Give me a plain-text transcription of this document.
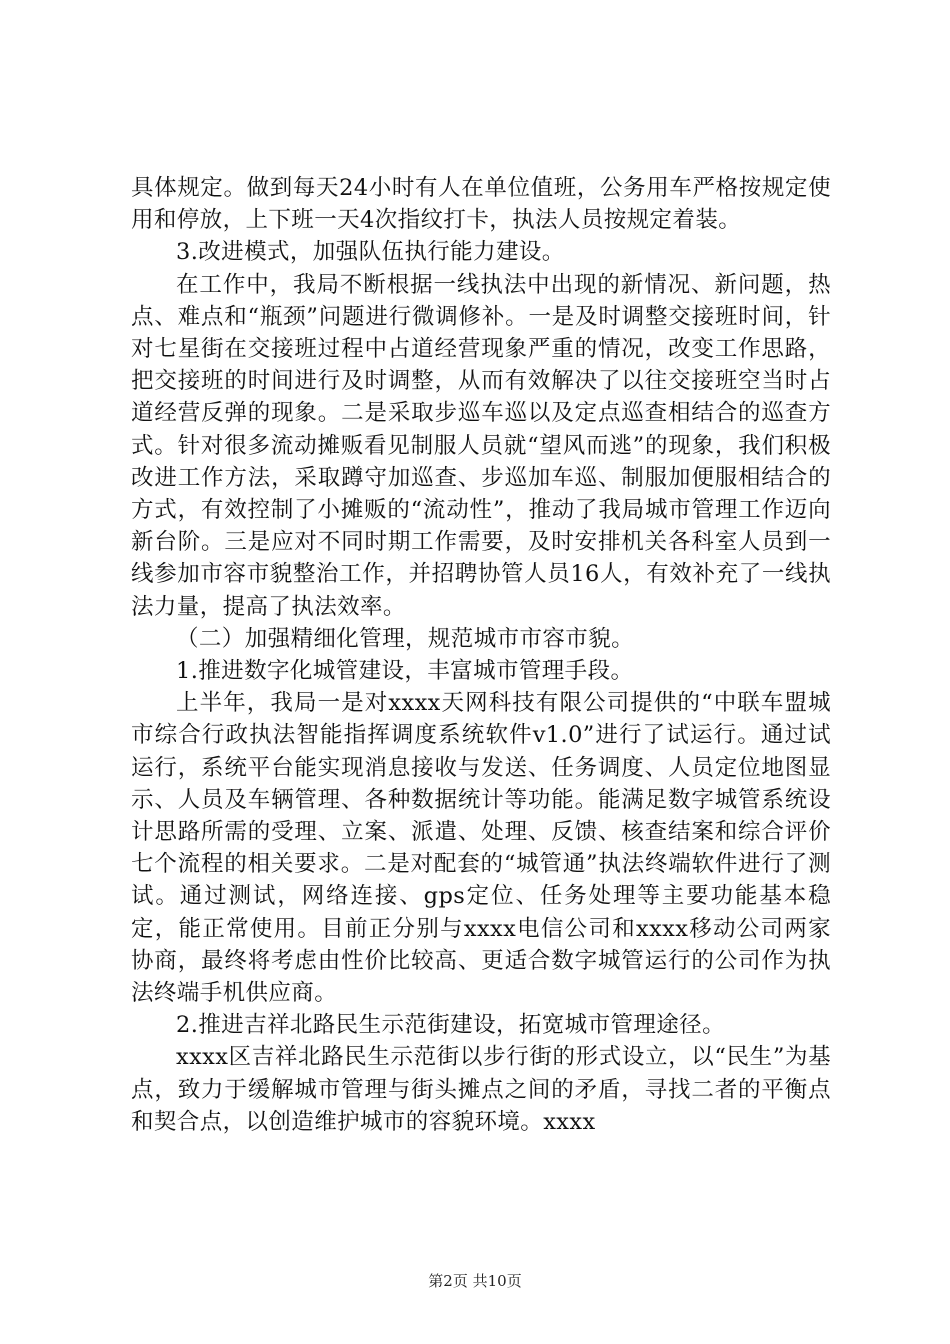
具体规定。做到每天24小时有人在单位值班，公务用车严格按规定使用和停放，上下班一天4次指纹打卡，执法人员按规定着装。

3.改进模式，加强队伍执行能力建设。

在工作中，我局不断根据一线执法中出现的新情况、新问题，热点、难点和“瓶颈”问题进行微调修补。一是及时调整交接班时间，针对七星街在交接班过程中占道经营现象严重的情况，改变工作思路，把交接班的时间进行及时调整，从而有效解决了以往交接班空当时占道经营反弹的现象。二是采取步巡车巡以及定点巡查相结合的巡查方式。针对很多流动摊贩看见制服人员就“望风而逃”的现象，我们积极改进工作方法，采取蹲守加巡查、步巡加车巡、制服加便服相结合的方式，有效控制了小摊贩的“流动性”，推动了我局城市管理工作迈向新台阶。三是应对不同时期工作需要，及时安排机关各科室人员到一线参加市容市貌整治工作，并招聘协管人员16人，有效补充了一线执法力量，提高了执法效率。

（二）加强精细化管理，规范城市市容市貌。

1.推进数字化城管建设，丰富城市管理手段。

上半年，我局一是对xxxx天网科技有限公司提供的“中联车盟城市综合行政执法智能指挥调度系统软件v1.0”进行了试运行。通过试运行，系统平台能实现消息接收与发送、任务调度、人员定位地图显示、人员及车辆管理、各种数据统计等功能。能满足数字城管系统设计思路所需的受理、立案、派遣、处理、反馈、核查结案和综合评价七个流程的相关要求。二是对配套的“城管通”执法终端软件进行了测试。通过测试，网络连接、gps定位、任务处理等主要功能基本稳定，能正常使用。目前正分别与xxxx电信公司和xxxx移动公司两家协商，最终将考虑由性价比较高、更适合数字城管运行的公司作为执法终端手机供应商。

2.推进吉祥北路民生示范街建设，拓宽城市管理途径。

xxxx区吉祥北路民生示范街以步行街的形式设立，以“民生”为基点，致力于缓解城市管理与街头摊点之间的矛盾，寻找二者的平衡点和契合点，以创造维护城市的容貌环境。xxxx

第2页 共10页
